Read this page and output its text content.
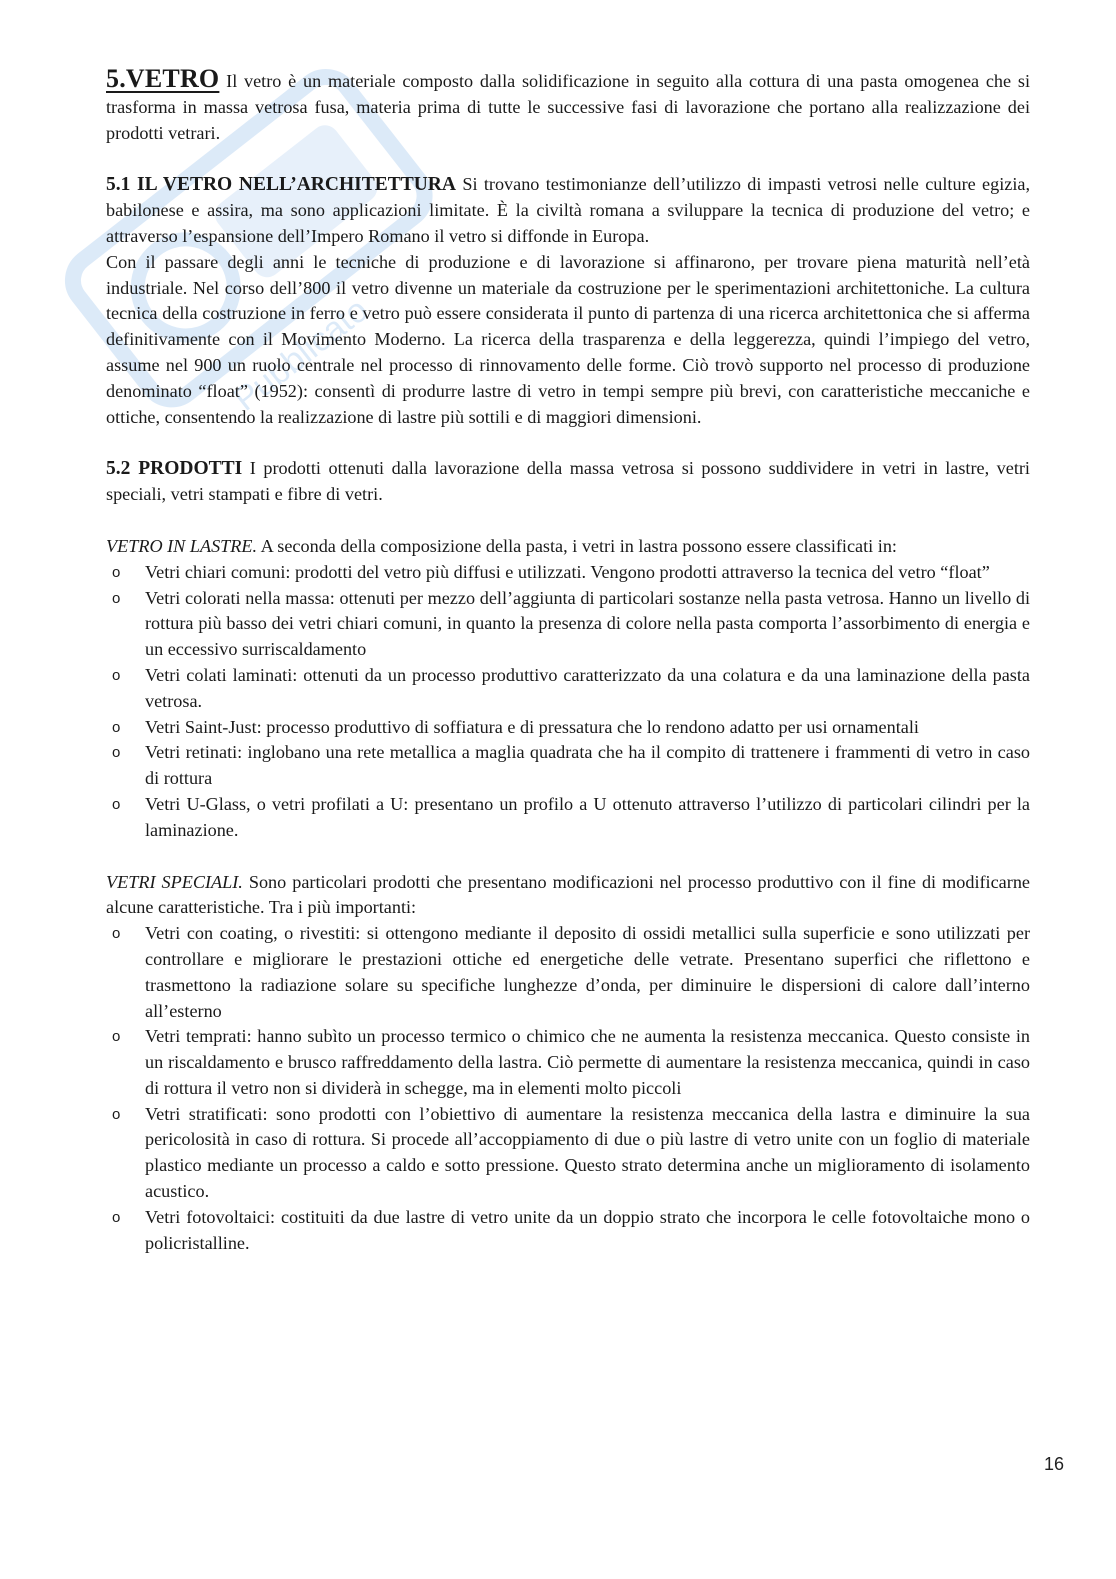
Pubblicato

5.VETRO Il vetro è un materiale composto dalla solidificazione in seguito alla cottura di una pasta omogenea che si trasforma in massa vetrosa fusa, materia prima di tutte le successive fasi di lavorazione che portano alla realizzazione dei prodotti vetrari.

5.1 IL VETRO NELL’ARCHITETTURA Si trovano testimonianze dell’utilizzo di impasti vetrosi nelle culture egizia, babilonese e assira, ma sono applicazioni limitate. È la civiltà romana a sviluppare la tecnica di produzione del vetro; e attraverso l’espansione dell’Impero Romano il vetro si diffonde in Europa.

Con il passare degli anni le tecniche di produzione e di lavorazione si affinarono, per trovare piena maturità nell’età industriale. Nel corso dell’800 il vetro divenne un materiale da costruzione per le sperimentazioni architettoniche. La cultura tecnica della costruzione in ferro e vetro può essere considerata il punto di partenza di una ricerca architettonica che si afferma definitivamente con il Movimento Moderno. La ricerca della trasparenza e della leggerezza, quindi l’impiego del vetro, assume nel 900 un ruolo centrale nel processo di rinnovamento delle forme. Ciò trovò supporto nel processo di produzione denominato “float” (1952): consentì di produrre lastre di vetro in tempi sempre più brevi, con caratteristiche meccaniche e ottiche, consentendo la realizzazione di lastre più sottili e di maggiori dimensioni.

5.2 PRODOTTI I prodotti ottenuti dalla lavorazione della massa vetrosa si possono suddividere in vetri in lastre, vetri speciali, vetri stampati e fibre di vetri.

VETRO IN LASTRE. A seconda della composizione della pasta, i vetri in lastra possono essere classificati in:

o Vetri chiari comuni: prodotti del vetro più diffusi e utilizzati. Vengono prodotti attraverso la tecnica del vetro “float”
o Vetri colorati nella massa: ottenuti per mezzo dell’aggiunta di particolari sostanze nella pasta vetrosa. Hanno un livello di rottura più basso dei vetri chiari comuni, in quanto la presenza di colore nella pasta comporta l’assorbimento di energia e un eccessivo surriscaldamento
o Vetri colati laminati: ottenuti da un processo produttivo caratterizzato da una colatura e da una laminazione della pasta vetrosa.
o Vetri Saint-Just: processo produttivo di soffiatura e di pressatura che lo rendono adatto per usi ornamentali
o Vetri retinati: inglobano una rete metallica a maglia quadrata che ha il compito di trattenere i frammenti di vetro in caso di rottura
o Vetri U-Glass, o vetri profilati a U: presentano un profilo a U ottenuto attraverso l’utilizzo di particolari cilindri per la laminazione.

VETRI SPECIALI. Sono particolari prodotti che presentano modificazioni nel processo produttivo con il fine di modificarne alcune caratteristiche. Tra i più importanti:

o Vetri con coating, o rivestiti: si ottengono mediante il deposito di ossidi metallici sulla superficie e sono utilizzati per controllare e migliorare le prestazioni ottiche ed energetiche delle vetrate. Presentano superfici che riflettono e trasmettono la radiazione solare su specifiche lunghezze d’onda, per diminuire le dispersioni di calore dall’interno all’esterno
o Vetri temprati: hanno subìto un processo termico o chimico che ne aumenta la resistenza meccanica. Questo consiste in un riscaldamento e brusco raffreddamento della lastra. Ciò permette di aumentare la resistenza meccanica, quindi in caso di rottura il vetro non si dividerà in schegge, ma in elementi molto piccoli
o Vetri stratificati: sono prodotti con l’obiettivo di aumentare la resistenza meccanica della lastra e diminuire la sua pericolosità in caso di rottura. Si procede all’accoppiamento di due o più lastre di vetro unite con un foglio di materiale plastico mediante un processo a caldo e sotto pressione. Questo strato determina anche un miglioramento di isolamento acustico.
o Vetri fotovoltaici: costituiti da due lastre di vetro unite da un doppio strato che incorpora le celle fotovoltaiche mono o policristalline.
16
